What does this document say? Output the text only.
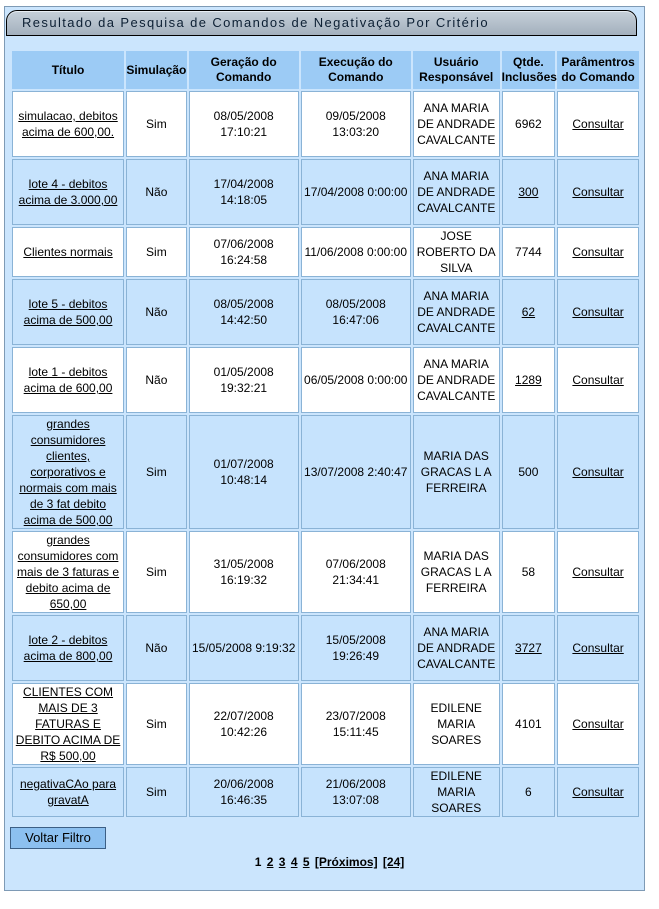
Resultado da Pesquisa de Comandos de Negativação Por Critério
Título	Simulação	Geração do Comando	Execução do Comando	Usuário Responsável	Qtde. Inclusões	Parâmentros do Comando
simulacao, debitos acima de 600,00.	Sim	08/05/2008 17:10:21	09/05/2008 13:03:20	ANA MARIA DE ANDRADE CAVALCANTE	6962	Consultar
lote 4 - debitos acima de 3.000,00	Não	17/04/2008 14:18:05	17/04/2008 0:00:00	ANA MARIA DE ANDRADE CAVALCANTE	300	Consultar
Clientes normais	Sim	07/06/2008 16:24:58	11/06/2008 0:00:00	JOSE ROBERTO DA SILVA	7744	Consultar
lote 5 - debitos acima de 500,00	Não	08/05/2008 14:42:50	08/05/2008 16:47:06	ANA MARIA DE ANDRADE CAVALCANTE	62	Consultar
lote 1 - debitos acima de 600,00	Não	01/05/2008 19:32:21	06/05/2008 0:00:00	ANA MARIA DE ANDRADE CAVALCANTE	1289	Consultar
grandes consumidores clientes, corporativos e normais com mais de 3 fat debito acima de 500,00	Sim	01/07/2008 10:48:14	13/07/2008 2:40:47	MARIA DAS GRACAS L A FERREIRA	500	Consultar
grandes consumidores com mais de 3 faturas e debito acima de 650,00	Sim	31/05/2008 16:19:32	07/06/2008 21:34:41	MARIA DAS GRACAS L A FERREIRA	58	Consultar
lote 2 - debitos acima de 800,00	Não	15/05/2008 9:19:32	15/05/2008 19:26:49	ANA MARIA DE ANDRADE CAVALCANTE	3727	Consultar
CLIENTES COM MAIS DE 3 FATURAS E DEBITO ACIMA DE R$ 500,00	Sim	22/07/2008 10:42:26	23/07/2008 15:11:45	EDILENE MARIA SOARES	4101	Consultar
negativaCAo para gravatA	Sim	20/06/2008 16:46:35	21/06/2008 13:07:08	EDILENE MARIA SOARES	6	Consultar
Voltar Filtro
1 2 3 4 5 [Próximos] [24]
